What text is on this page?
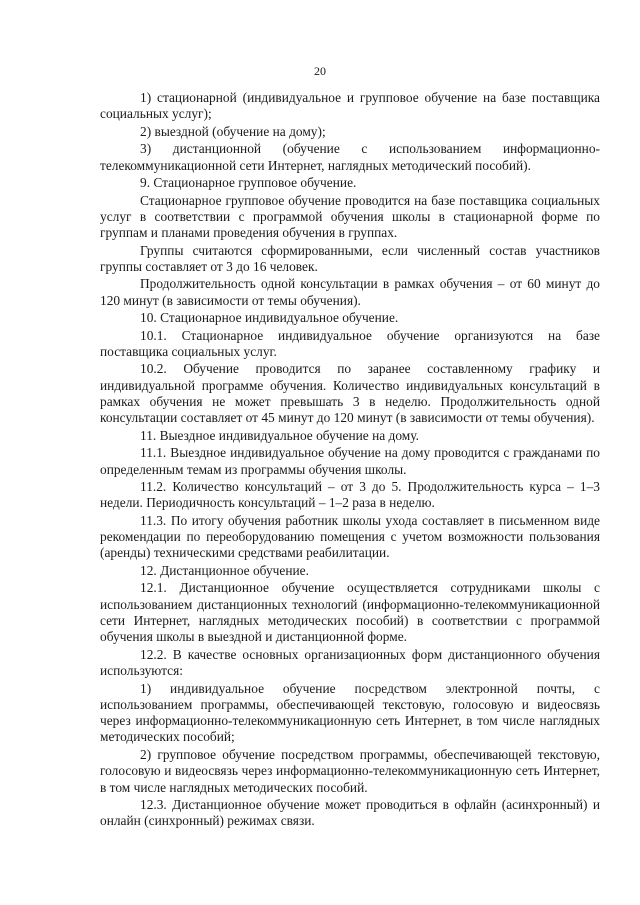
20

1) стационарной (индивидуальное и групповое обучение на базе поставщика социальных услуг);

2) выездной (обучение на дому);

3) дистанционной (обучение с использованием информационно-телекоммуникационной сети Интернет, наглядных методический пособий).

9. Стационарное групповое обучение.

Стационарное групповое обучение проводится на базе поставщика социальных услуг в соответствии с программой обучения школы в стационарной форме по группам и планами проведения обучения в группах.

Группы считаются сформированными, если численный состав участников группы составляет от 3 до 16 человек.

Продолжительность одной консультации в рамках обучения – от 60 минут до 120 минут (в зависимости от темы обучения).

10. Стационарное индивидуальное обучение.

10.1. Стационарное индивидуальное обучение организуются на базе поставщика социальных услуг.

10.2. Обучение проводится по заранее составленному графику и индивидуальной программе обучения. Количество индивидуальных консультаций в рамках обучения не может превышать 3 в неделю. Продолжительность одной консультации составляет от 45 минут до 120 минут (в зависимости от темы обучения).

11. Выездное индивидуальное обучение на дому.

11.1. Выездное индивидуальное обучение на дому проводится с гражданами по определенным темам из программы обучения школы.

11.2. Количество консультаций – от 3 до 5. Продолжительность курса – 1–3 недели. Периодичность консультаций – 1–2 раза в неделю.

11.3. По итогу обучения работник школы ухода составляет в письменном виде рекомендации по переоборудованию помещения с учетом возможности пользования (аренды) техническими средствами реабилитации.

12. Дистанционное обучение.

12.1. Дистанционное обучение осуществляется сотрудниками школы с использованием дистанционных технологий (информационно-телекоммуникационной сети Интернет, наглядных методических пособий) в соответствии с программой обучения школы в выездной и дистанционной форме.

12.2. В качестве основных организационных форм дистанционного обучения используются:

1) индивидуальное обучение посредством электронной почты, с использованием программы, обеспечивающей текстовую, голосовую и видеосвязь через информационно-телекоммуникационную сеть Интернет, в том числе наглядных методических пособий;

2) групповое обучение посредством программы, обеспечивающей текстовую, голосовую и видеосвязь через информационно-телекоммуникационную сеть Интернет, в том числе наглядных методических пособий.

12.3. Дистанционное обучение может проводиться в офлайн (асинхронный) и онлайн (синхронный) режимах связи.
